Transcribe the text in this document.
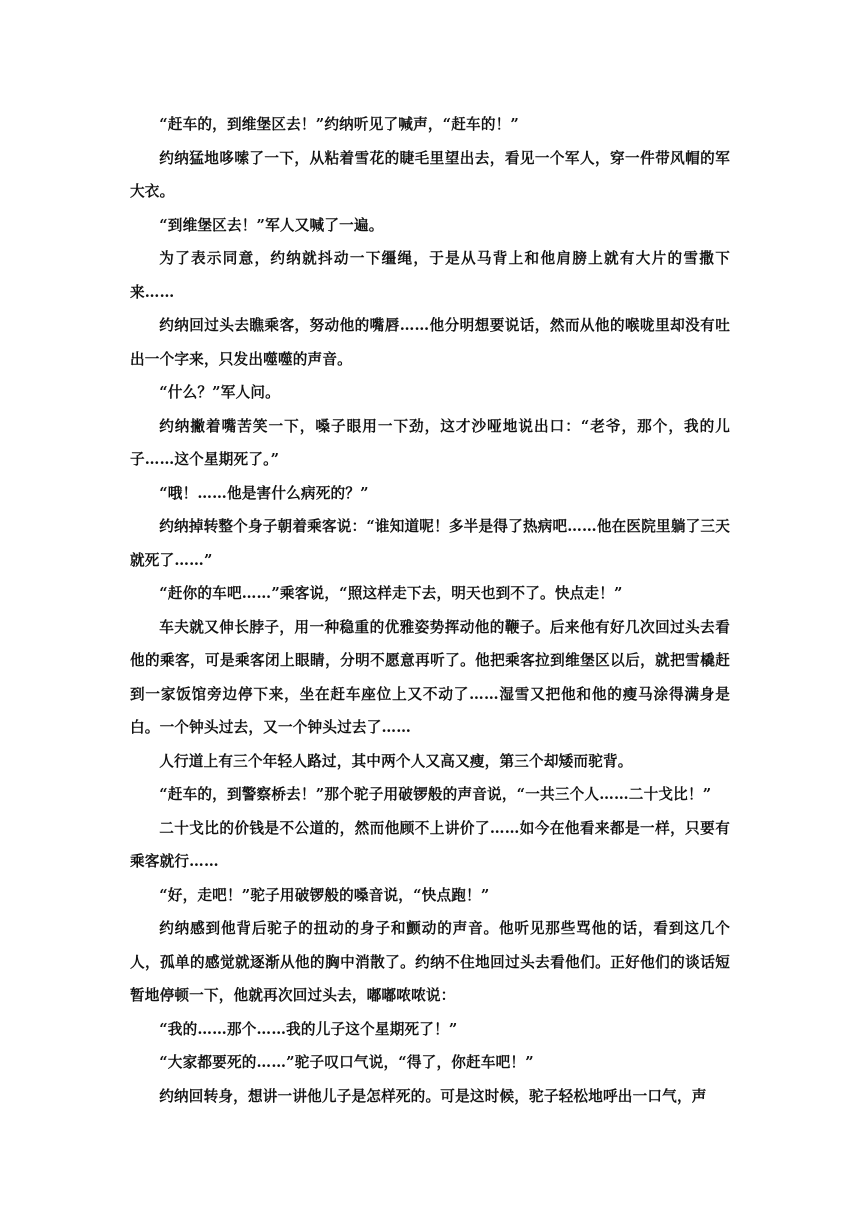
“赶车的，到维堡区去！”约纳听见了喊声，“赶车的！”

约纳猛地哆嗦了一下，从粘着雪花的睫毛里望出去，看见一个军人，穿一件带风帽的军大衣。

“到维堡区去！”军人又喊了一遍。

为了表示同意，约纳就抖动一下缰绳，于是从马背上和他肩膀上就有大片的雪撒下来……

约纳回过头去瞧乘客，努动他的嘴唇……他分明想要说话，然而从他的喉咙里却没有吐出一个字来，只发出噬噬的声音。

“什么？”军人问。

约纳撇着嘴苦笑一下，嗓子眼用一下劲，这才沙哑地说出口：“老爷，那个，我的儿子……这个星期死了。”

“哦！……他是害什么病死的？”

约纳掉转整个身子朝着乘客说：“谁知道呢！多半是得了热病吧……他在医院里躺了三天就死了……”

“赶你的车吧……”乘客说，“照这样走下去，明天也到不了。快点走！”

车夫就又伸长脖子，用一种稳重的优雅姿势挥动他的鞭子。后来他有好几次回过头去看他的乘客，可是乘客闭上眼睛，分明不愿意再听了。他把乘客拉到维堡区以后，就把雪橇赶到一家饭馆旁边停下来，坐在赶车座位上又不动了……湿雪又把他和他的瘦马涂得满身是白。一个钟头过去，又一个钟头过去了……

人行道上有三个年轻人路过，其中两个人又高又瘦，第三个却矮而驼背。

“赶车的，到警察桥去！”那个驼子用破锣般的声音说，“一共三个人……二十戈比！”

二十戈比的价钱是不公道的，然而他顾不上讲价了……如今在他看来都是一样，只要有乘客就行……

“好，走吧！”驼子用破锣般的嗓音说，“快点跑！”

约纳感到他背后驼子的扭动的身子和颤动的声音。他听见那些骂他的话，看到这几个人，孤单的感觉就逐渐从他的胸中消散了。约纳不住地回过头去看他们。正好他们的谈话短暂地停顿一下，他就再次回过头去，嘟嘟哝哝说：

“我的……那个……我的儿子这个星期死了！”

“大家都要死的……”驼子叹口气说，“得了，你赶车吧！”

约纳回转身，想讲一讲他儿子是怎样死的。可是这时候，驼子轻松地呼出一口气，声
